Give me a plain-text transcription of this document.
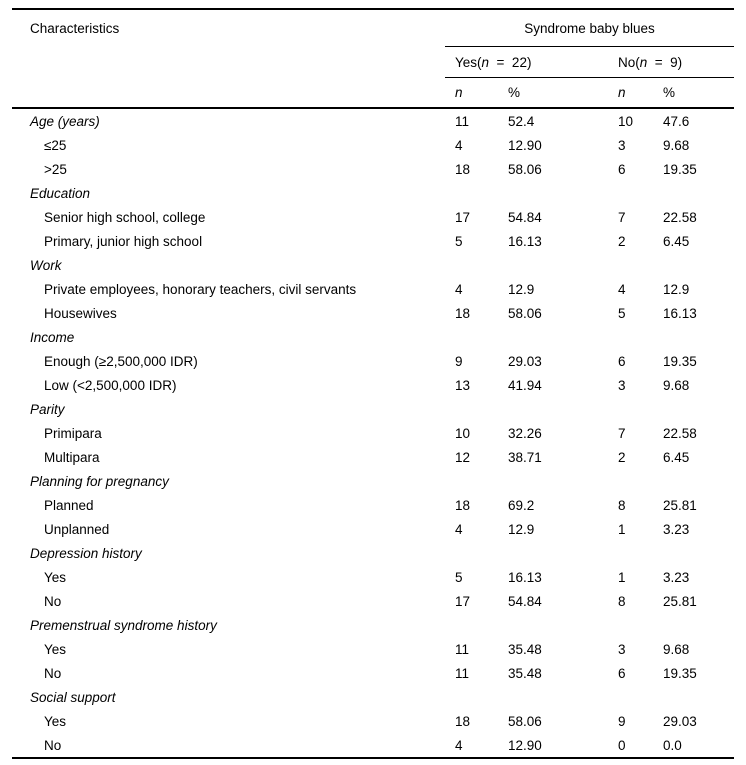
Characteristics	Syndrome baby blues			
	Yes(n  =  22)		No(n  =  9)	
	n	%	n	%
Age (years)	11	52.4	10	47.6
≤25	4	12.90	3	9.68
>25	18	58.06	6	19.35
Education				
Senior high school, college	17	54.84	7	22.58
Primary, junior high school	5	16.13	2	6.45
Work				
Private employees, honorary teachers, civil servants	4	12.9	4	12.9
Housewives	18	58.06	5	16.13
Income				
Enough (≥2,500,000 IDR)	9	29.03	6	19.35
Low (<2,500,000 IDR)	13	41.94	3	9.68
Parity				
Primipara	10	32.26	7	22.58
Multipara	12	38.71	2	6.45
Planning for pregnancy				
Planned	18	69.2	8	25.81
Unplanned	4	12.9	1	3.23
Depression history				
Yes	5	16.13	1	3.23
No	17	54.84	8	25.81
Premenstrual syndrome history				
Yes	11	35.48	3	9.68
No	11	35.48	6	19.35
Social support				
Yes	18	58.06	9	29.03
No	4	12.90	0	0.0
